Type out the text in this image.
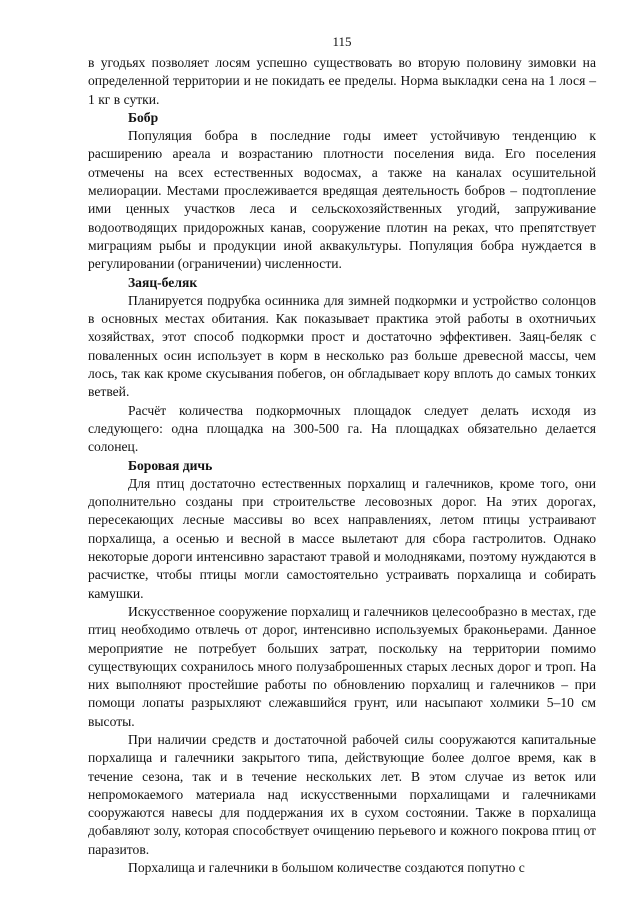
115

в угодьях позволяет лосям успешно существовать во вторую половину зимовки на определенной территории и не покидать ее пределы. Норма выкладки сена на 1 лося – 1 кг в сутки.

Бобр

Популяция бобра в последние годы имеет устойчивую тенденцию к расширению ареала и возрастанию плотности поселения вида. Его поселения отмечены на всех естественных водосмах, а также на каналах осушительной мелиорации. Местами прослеживается вредящая деятельность бобров – подтопление ими ценных участков леса и сельскохозяйственных угодий, запруживание водоотводящих придорожных канав, сооружение плотин на реках, что препятствует миграциям рыбы и продукции иной аквакультуры. Популяция бобра нуждается в регулировании (ограничении) численности.

Заяц-беляк

Планируется подрубка осинника для зимней подкормки и устройство солонцов в основных местах обитания. Как показывает практика этой работы в охотничьих хозяйствах, этот способ подкормки прост и достаточно эффективен. Заяц-беляк с поваленных осин использует в корм в несколько раз больше древесной массы, чем лось, так как кроме скусывания побегов, он обгладывает кору вплоть до самых тонких ветвей.

Расчёт количества подкормочных площадок следует делать исходя из следующего: одна площадка на 300-500 га. На площадках обязательно делается солонец.

Боровая дичь

Для птиц достаточно естественных порхалищ и галечников, кроме того, они дополнительно созданы при строительстве лесовозных дорог. На этих дорогах, пересекающих лесные массивы во всех направлениях, летом птицы устраивают порхалища, а осенью и весной в массе вылетают для сбора гастролитов. Однако некоторые дороги интенсивно зарастают травой и молодняками, поэтому нуждаются в расчистке, чтобы птицы могли самостоятельно устраивать порхалища и собирать камушки.

Искусственное сооружение порхалищ и галечников целесообразно в местах, где птиц необходимо отвлечь от дорог, интенсивно используемых браконьерами. Данное мероприятие не потребует больших затрат, поскольку на территории помимо существующих сохранилось много полузаброшенных старых лесных дорог и троп. На них выполняют простейшие работы по обновлению порхалищ и галечников – при помощи лопаты разрыхляют слежавшийся грунт, или насыпают холмики 5–10 см высоты.

При наличии средств и достаточной рабочей силы сооружаются капитальные порхалища и галечники закрытого типа, действующие более долгое время, как в течение сезона, так и в течение нескольких лет. В этом случае из веток или непромокаемого материала над искусственными порхалищами и галечниками сооружаются навесы для поддержания их в сухом состоянии. Также в порхалища добавляют золу, которая способствует очищению перьевого и кожного покрова птиц от паразитов.

Порхалища и галечники в большом количестве создаются попутно с
